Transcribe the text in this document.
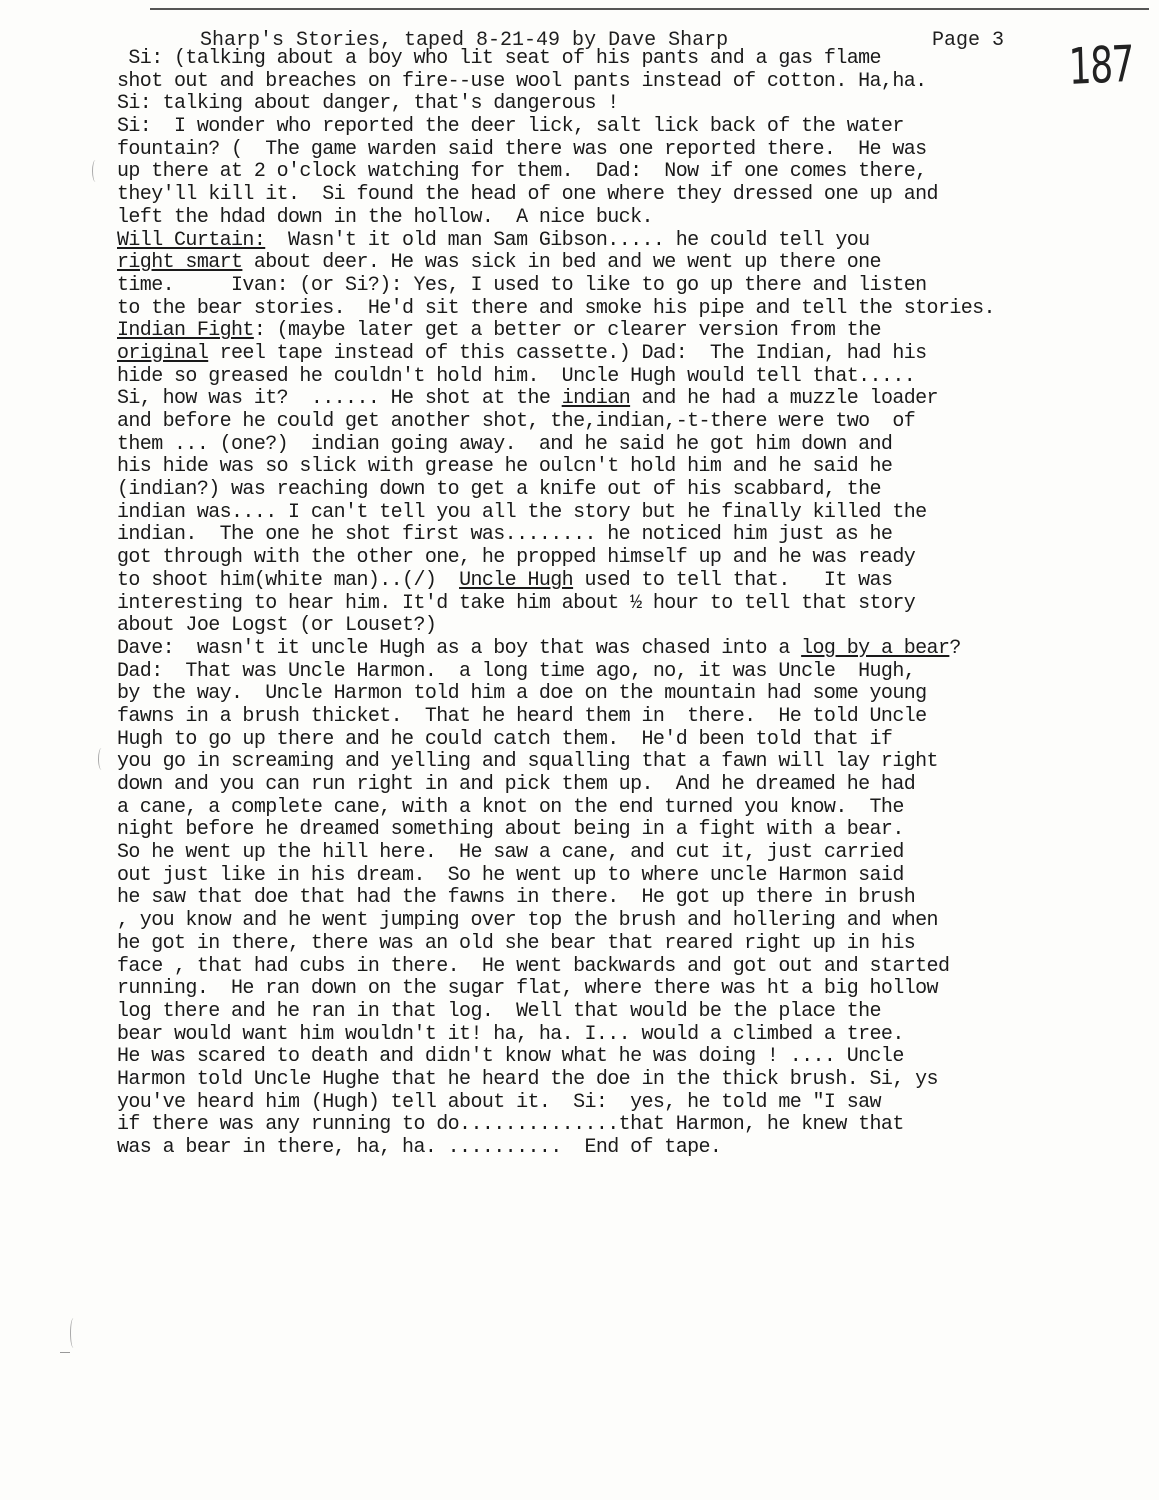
Sharp's Stories, taped 8-21-49 by Dave Sharp	Page 3 187
Si: (talking about a boy who lit seat of his pants and a gas flame
shot out and breaches on fire--use wool pants instead of cotton. Ha,ha.
Si: talking about danger, that's dangerous !
Si:  I wonder who reported the deer lick, salt lick back of the water
fountain? (  The game warden said there was one reported there.  He was
up there at 2 o'clock watching for them.  Dad:  Now if one comes there,
they'll kill it.  Si found the head of one where they dressed one up and
left the hdad down in the hollow.  A nice buck.
Will Curtain:  Wasn't it old man Sam Gibson..... he could tell you
right smart about deer. He was sick in bed and we went up there one
time.     Ivan: (or Si?): Yes, I used to like to go up there and listen
to the bear stories.  He'd sit there and smoke his pipe and tell the stories.
Indian Fight: (maybe later get a better or clearer version from the
original reel tape instead of this cassette.) Dad:  The Indian, had his
hide so greased he couldn't hold him.  Uncle Hugh would tell that.....
Si, how was it?  ...... He shot at the indian and he had a muzzle loader
and before he could get another shot, the,indian,-t-there were two  of
them ... (one?)  indian going away.  and he said he got him down and
his hide was so slick with grease he oulcn't hold him and he said he
(indian?) was reaching down to get a knife out of his scabbard, the
indian was.... I can't tell you all the story but he finally killed the
indian.  The one he shot first was........ he noticed him just as he
got through with the other one, he propped himself up and he was ready
to shoot him(white man)..(/)  Uncle Hugh used to tell that.   It was
interesting to hear him. It'd take him about ½ hour to tell that story
about Joe Logst (or Louset?)
Dave:  wasn't it uncle Hugh as a boy that was chased into a log by a bear?
Dad:  That was Uncle Harmon.  a long time ago, no, it was Uncle  Hugh,
by the way.  Uncle Harmon told him a doe on the mountain had some young
fawns in a brush thicket.  That he heard them in  there.  He told Uncle
Hugh to go up there and he could catch them.  He'd been told that if
you go in screaming and yelling and squalling that a fawn will lay right
down and you can run right in and pick them up.  And he dreamed he had
a cane, a complete cane, with a knot on the end turned you know.  The
night before he dreamed something about being in a fight with a bear.
So he went up the hill here.  He saw a cane, and cut it, just carried
out just like in his dream.  So he went up to where uncle Harmon said
he saw that doe that had the fawns in there.  He got up there in brush
, you know and he went jumping over top the brush and hollering and when
he got in there, there was an old she bear that reared right up in his
face , that had cubs in there.  He went backwards and got out and started
running.  He ran down on the sugar flat, where there was ht a big hollow
log there and he ran in that log.  Well that would be the place the
bear would want him wouldn't it! ha, ha. I... would a climbed a tree.
He was scared to death and didn't know what he was doing ! .... Uncle
Harmon told Uncle Hughe that he heard the doe in the thick brush. Si, ys
you've heard him (Hugh) tell about it.  Si:  yes, he told me "I saw
if there was any running to do..............that Harmon, he knew that
was a bear in there, ha, ha. ..........  End of tape.
